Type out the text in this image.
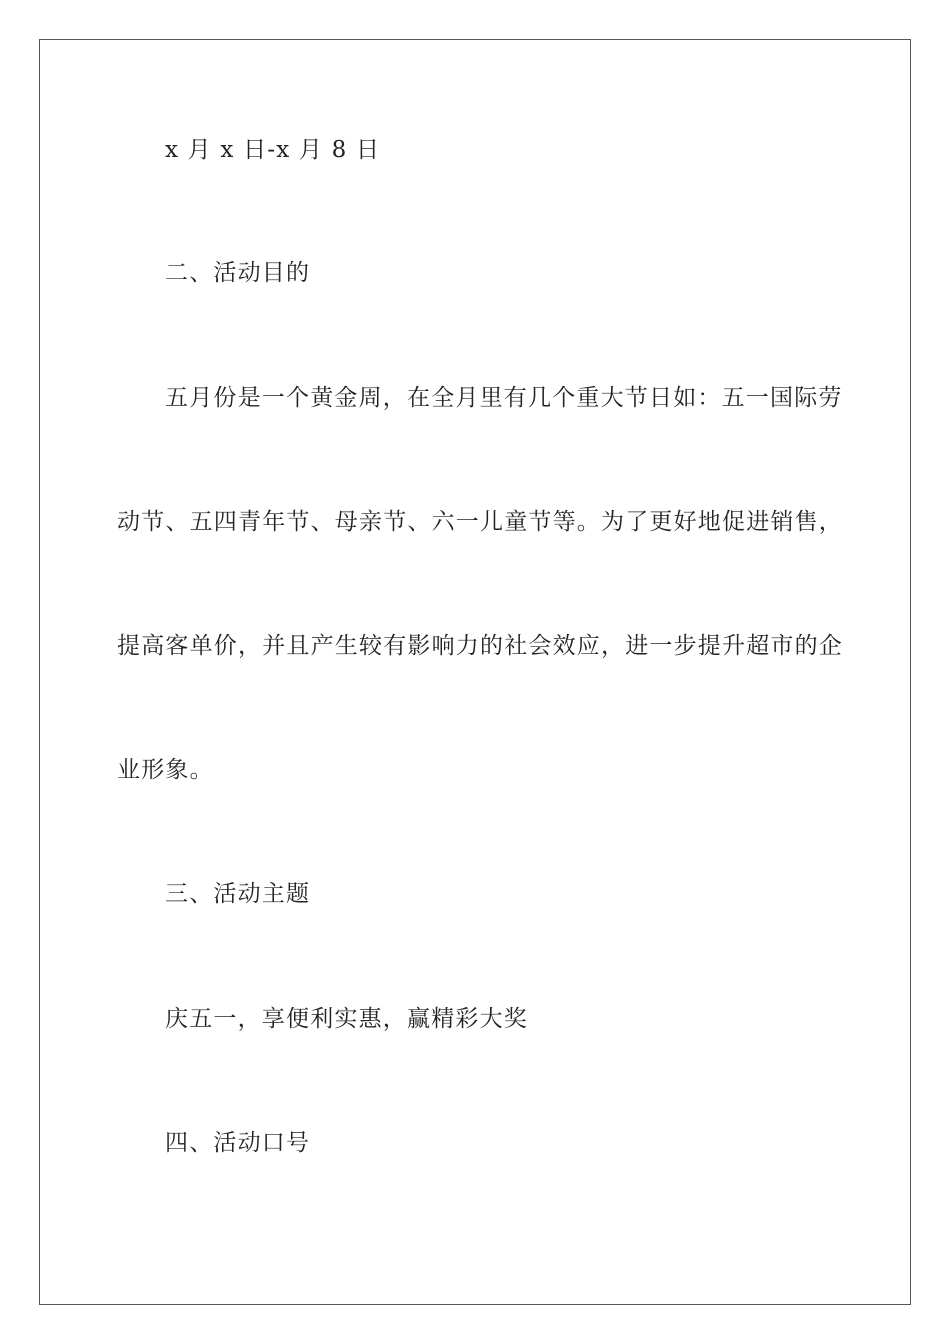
x 月 x 日-x 月 8 日
二、活动目的
五月份是一个黄金周，在全月里有几个重大节日如：五一国际劳
动节、五四青年节、母亲节、六一儿童节等。为了更好地促进销售，
提高客单价，并且产生较有影响力的社会效应，进一步提升超市的企
业形象。
三、活动主题
庆五一，享便利实惠，赢精彩大奖
四、活动口号
